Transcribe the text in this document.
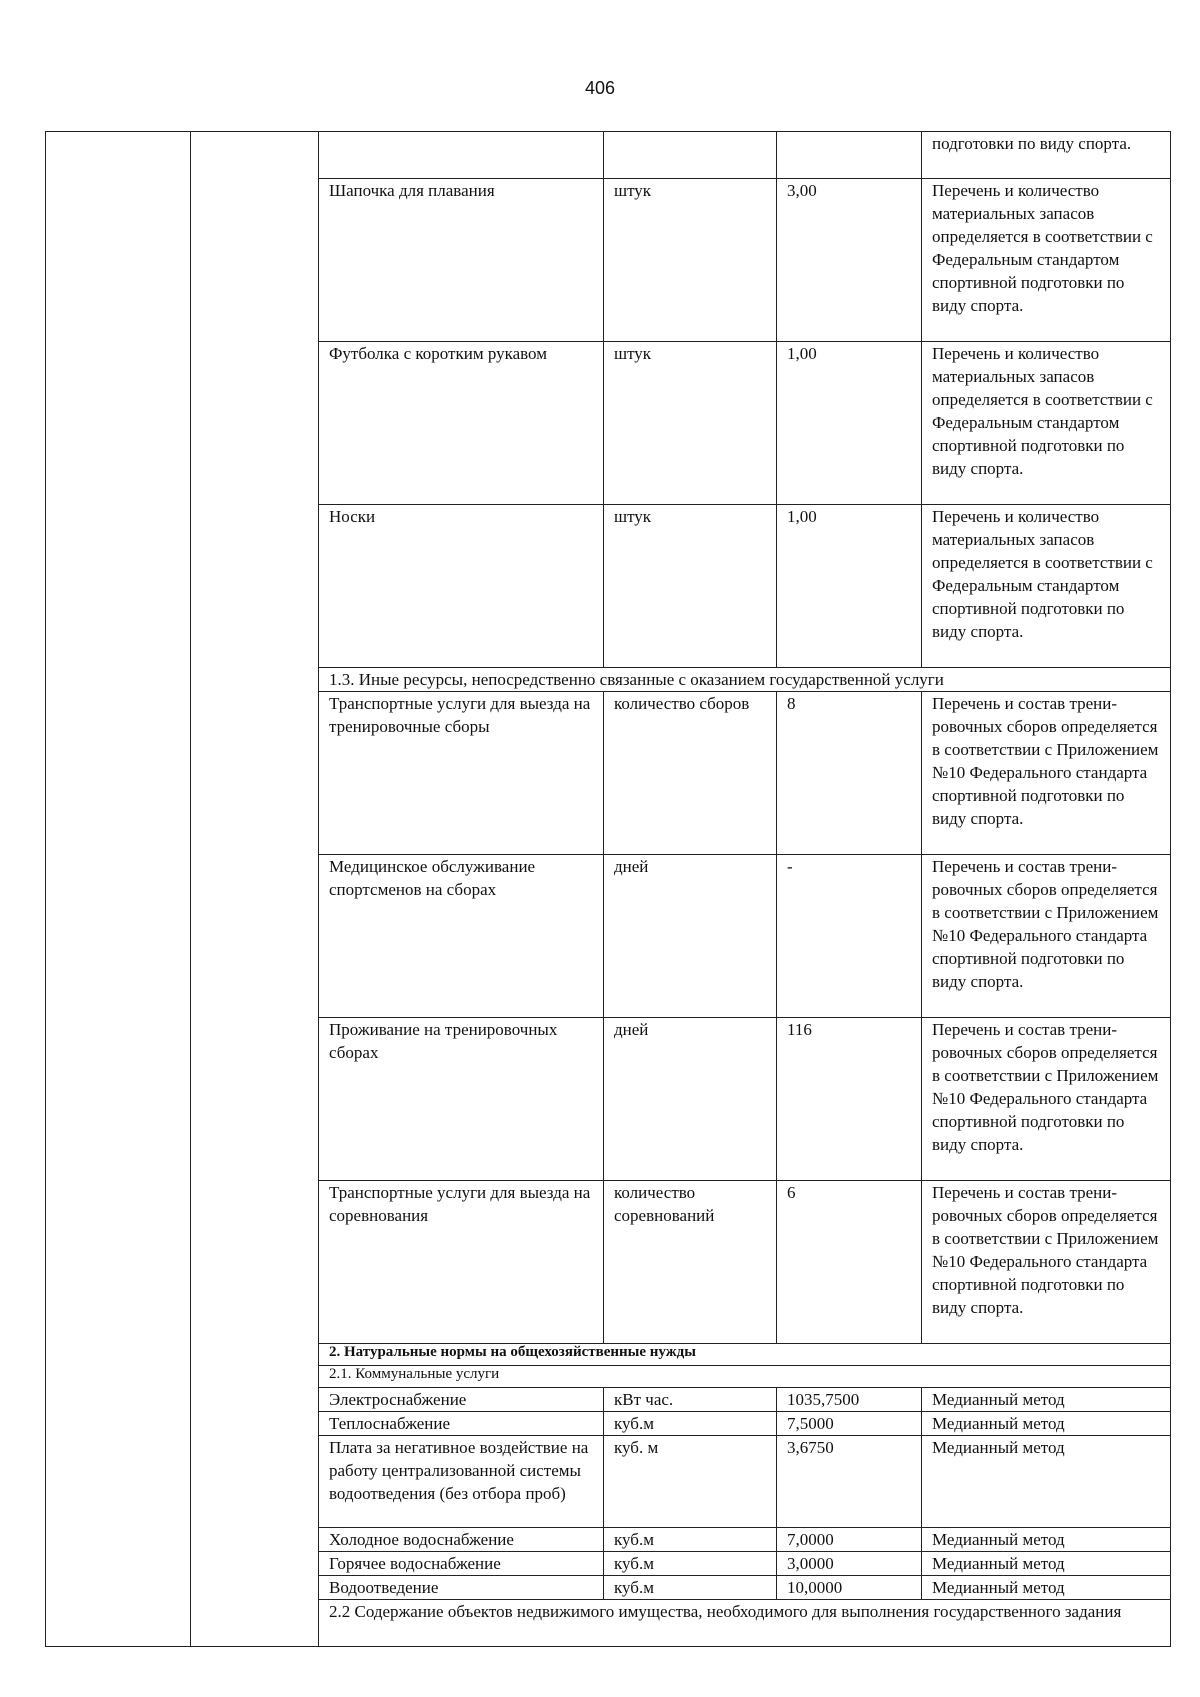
406
					подготовки по виду спорта.
		Шапочка для плавания	штук	3,00	Перечень и количество материальных запасов определяется в соответствии с Федеральным стандартом спортивной подготовки по виду спорта.
		Футболка с коротким рукавом	штук	1,00	Перечень и количество материальных запасов определяется в соответствии с Федеральным стандартом спортивной подготовки по виду спорта.
		Носки	штук	1,00	Перечень и количество материальных запасов определяется в соответствии с Федеральным стандартом спортивной подготовки по виду спорта.
		1.3. Иные ресурсы, непосредственно связанные с оказанием государственной услуги			
		Транспортные услуги для выезда на тренировочные сборы	количество сборов	8	Перечень и состав тренировочных сборов определяется в соответствии с Приложением №10 Федерального стандарта спортивной подготовки по виду спорта.
		Медицинское обслуживание спортсменов на сборах	дней	-	Перечень и состав тренировочных сборов определяется в соответствии с Приложением №10 Федерального стандарта спортивной подготовки по виду спорта.
		Проживание на тренировочных сборах	дней	116	Перечень и состав тренировочных сборов определяется в соответствии с Приложением №10 Федерального стандарта спортивной подготовки по виду спорта.
		Транспортные услуги для выезда на соревнования	количество соревнований	6	Перечень и состав тренировочных сборов определяется в соответствии с Приложением №10 Федерального стандарта спортивной подготовки по виду спорта.
		2. Натуральные нормы на общехозяйственные нужды			
		2.1. Коммунальные услуги			
		Электроснабжение	кВт час.	1035,7500	Медианный метод
		Теплоснабжение	куб.м	7,5000	Медианный метод
		Плата за негативное воздействие на работу централизованной системы водоотведения (без отбора проб)	куб. м	3,6750	Медианный метод
		Холодное водоснабжение	куб.м	7,0000	Медианный метод
		Горячее водоснабжение	куб.м	3,0000	Медианный метод
		Водоотведение	куб.м	10,0000	Медианный метод
		2.2 Содержание объектов недвижимого имущества, необходимого для выполнения государственного задания			
